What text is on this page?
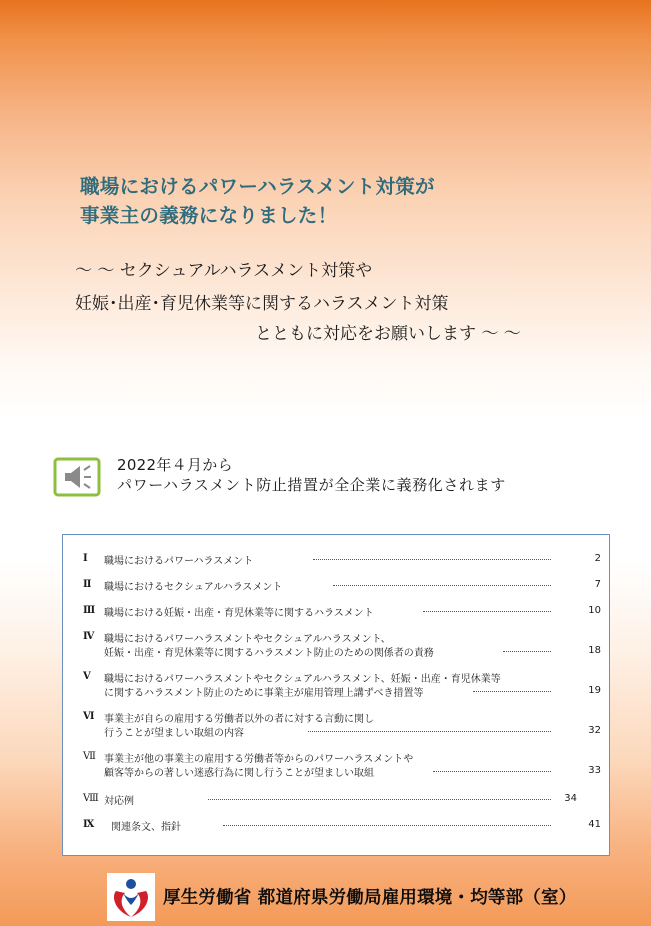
職場におけるパワーハラスメント対策が
事業主の義務になりました！
～ ～ セクシュアルハラスメント対策や
妊娠･出産･育児休業等に関するハラスメント対策
とともに対応をお願いします ～ ～
2022年４月から
パワーハラスメント防止措置が全企業に義務化されます
Ⅰ 職場におけるパワーハラスメント	2
Ⅱ 職場におけるセクシュアルハラスメント	7
Ⅲ 職場における妊娠・出産・育児休業等に関するハラスメント	10
Ⅳ 職場におけるパワーハラスメントやセクシュアルハラスメント、
妊娠・出産・育児休業等に関するハラスメント防止のための関係者の責務	18
Ⅴ 職場におけるパワーハラスメントやセクシュアルハラスメント、妊娠・出産・育児休業等
に関するハラスメント防止のために事業主が雇用管理上講ずべき措置等	19
Ⅵ 事業主が自らの雇用する労働者以外の者に対する言動に関し
行うことが望ましい取組の内容	32
Ⅶ 事業主が他の事業主の雇用する労働者等からのパワーハラスメントや
顧客等からの著しい迷惑行為に関し行うことが望ましい取組	33
Ⅷ 対応例	34
Ⅸ 関連条文、指針	41
厚生労働省 都道府県労働局雇用環境・均等部（室）
